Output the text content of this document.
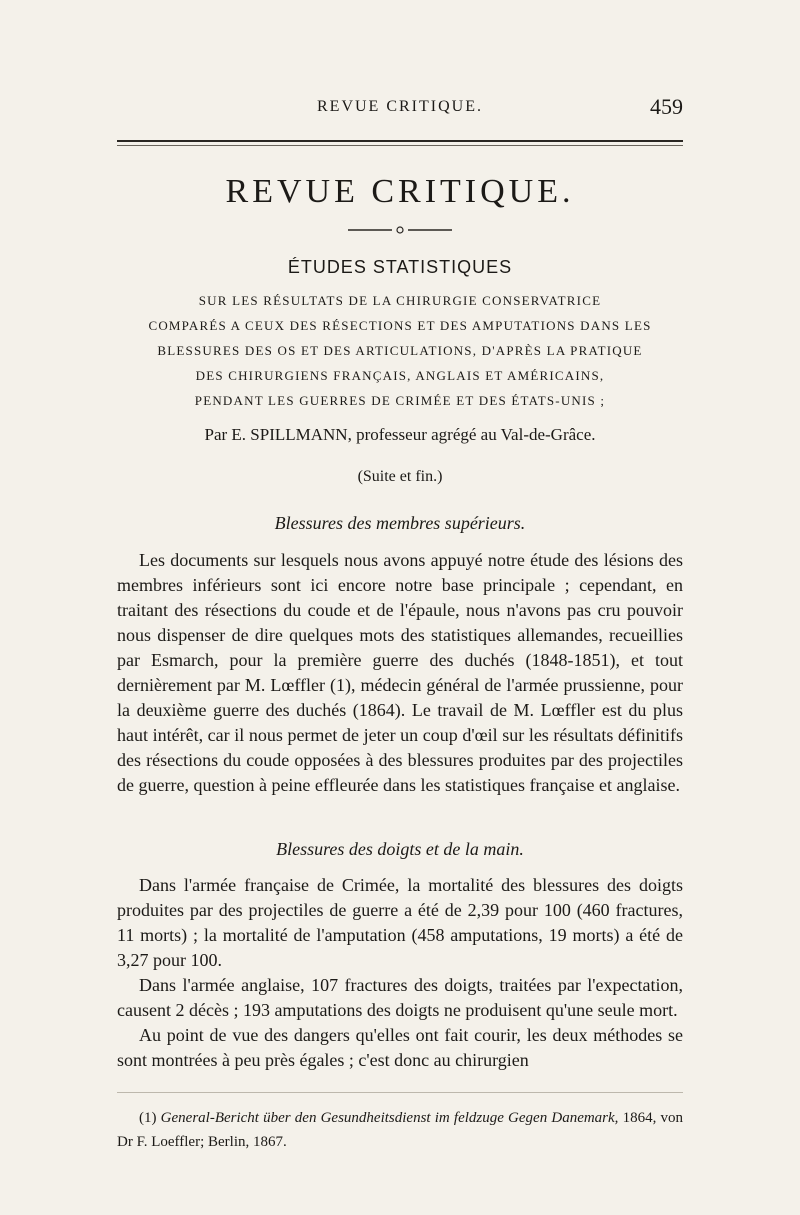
REVUE CRITIQUE.	459
REVUE CRITIQUE.
ÉTUDES STATISTIQUES
SUR LES RÉSULTATS DE LA CHIRURGIE CONSERVATRICE
COMPARÉS A CEUX DES RÉSECTIONS ET DES AMPUTATIONS DANS LES
BLESSURES DES OS ET DES ARTICULATIONS, D'APRÈS LA PRATIQUE
DES CHIRURGIENS FRANÇAIS, ANGLAIS ET AMÉRICAINS,
PENDANT LES GUERRES DE CRIMÉE ET DES ÉTATS-UNIS ;
Par E. SPILLMANN, professeur agrégé au Val-de-Grâce.
(Suite et fin.)
Blessures des membres supérieurs.

Les documents sur lesquels nous avons appuyé notre étude des lésions des membres inférieurs sont ici encore notre base principale ; cependant, en traitant des résections du coude et de l'épaule, nous n'avons pas cru pouvoir nous dispenser de dire quelques mots des statistiques allemandes, recueillies par Esmarch, pour la première guerre des duchés (1848-1851), et tout dernièrement par M. Lœffler (1), médecin général de l'armée prussienne, pour la deuxième guerre des duchés (1864). Le travail de M. Lœffler est du plus haut intérêt, car il nous permet de jeter un coup d'œil sur les résultats définitifs des résections du coude opposées à des blessures produites par des projectiles de guerre, question à peine effleurée dans les statistiques française et anglaise.

Blessures des doigts et de la main.

Dans l'armée française de Crimée, la mortalité des blessures des doigts produites par des projectiles de guerre a été de 2,39 pour 100 (460 fractures, 11 morts) ; la mortalité de l'amputation (458 amputations, 19 morts) a été de 3,27 pour 100.

Dans l'armée anglaise, 107 fractures des doigts, traitées par l'expectation, causent 2 décès ; 193 amputations des doigts ne produisent qu'une seule mort.

Au point de vue des dangers qu'elles ont fait courir, les deux méthodes se sont montrées à peu près égales ; c'est donc au chirurgien

(1) General-Bericht über den Gesundheitsdienst im feldzuge Gegen Danemark, 1864, von Dr F. Loeffler; Berlin, 1867.
